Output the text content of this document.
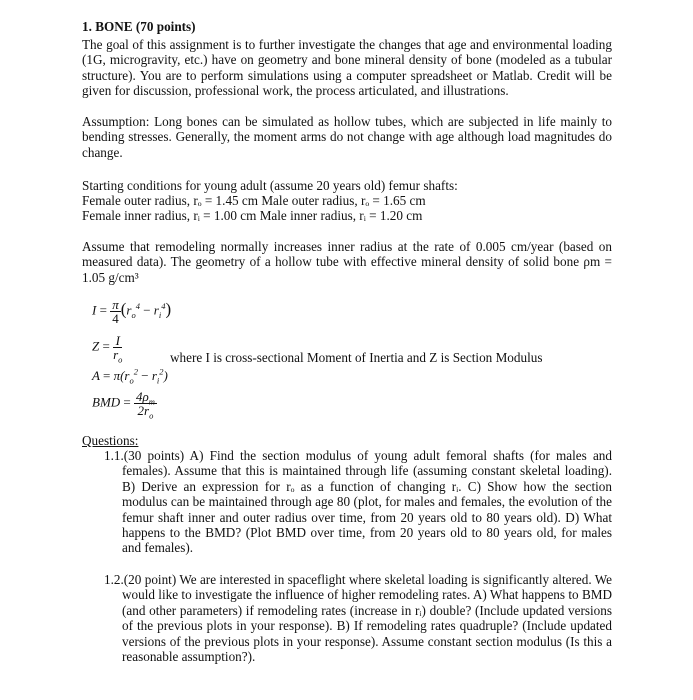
1. BONE (70 points)
The goal of this assignment is to further investigate the changes that age and environmental loading (1G, microgravity, etc.) have on geometry and bone mineral density of bone (modeled as a tubular structure). You are to perform simulations using a computer spreadsheet or Matlab. Credit will be given for discussion, professional work, the process articulated, and illustrations.
Assumption: Long bones can be simulated as hollow tubes, which are subjected in life mainly to bending stresses. Generally, the moment arms do not change with age although load magnitudes do change.
Starting conditions for young adult (assume 20 years old) femur shafts:
Female outer radius, rₒ = 1.45 cm Male outer radius, rₒ = 1.65 cm
Female inner radius, rᵢ = 1.00 cm Male inner radius, rᵢ = 1.20 cm
Assume that remodeling normally increases inner radius at the rate of 0.005 cm/year (based on measured data). The geometry of a hollow tube with effective mineral density of solid bone ρm = 1.05 g/cm³
$I = \frac{\pi}{4} (r_o^4 - r_i^4)$
$Z = \frac{I}{r_o}$	where I is cross-sectional Moment of Inertia and Z is Section Modulus
$A = \pi(r_o^2 - r_i^2)$
BMD = $\frac{4\rho_m}{2r_o}$
Questions:
1.1.(30 points) A) Find the section modulus of young adult femoral shafts (for males and females). Assume that this is maintained through life (assuming constant skeletal loading). B) Derive an expression for rₒ as a function of changing rᵢ. C) Show how the section modulus can be maintained through age 80 (plot, for males and females, the evolution of the femur shaft inner and outer radius over time, from 20 years old to 80 years old). D) What happens to the BMD? (Plot BMD over time, from 20 years old to 80 years old, for males and females).
1.2.(20 point) We are interested in spaceflight where skeletal loading is significantly altered. We would like to investigate the influence of higher remodeling rates. A) What happens to BMD (and other parameters) if remodeling rates (increase in rᵢ) double? (Include updated versions of the previous plots in your response). B) If remodeling rates quadruple? (Include updated versions of the previous plots in your response). Assume constant section modulus (Is this a reasonable assumption?).
